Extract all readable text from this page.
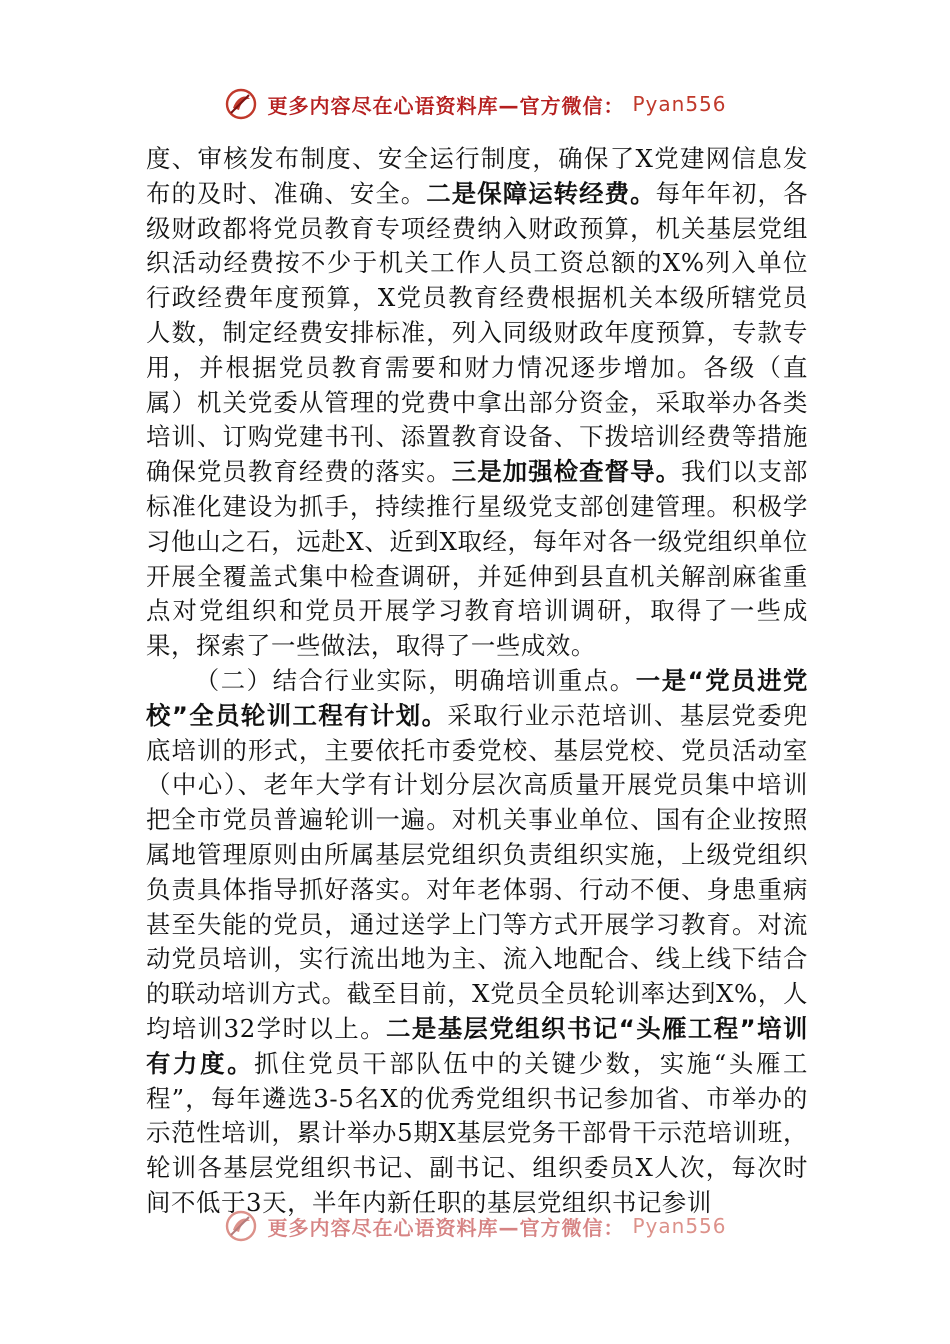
更多内容尽在心语资料库—官方微信： Pyan556

度、审核发布制度、安全运行制度，确保了X党建网信息发布的及时、准确、安全。二是保障运转经费。每年年初，各级财政都将党员教育专项经费纳入财政预算，机关基层党组织活动经费按不少于机关工作人员工资总额的X%列入单位行政经费年度预算，X党员教育经费根据机关本级所辖党员人数，制定经费安排标准，列入同级财政年度预算，专款专用，并根据党员教育需要和财力情况逐步增加。各级（直属）机关党委从管理的党费中拿出部分资金，采取举办各类培训、订购党建书刊、添置教育设备、下拨培训经费等措施确保党员教育经费的落实。三是加强检查督导。我们以支部标准化建设为抓手，持续推行星级党支部创建管理。积极学习他山之石，远赴X、近到X取经，每年对各一级党组织单位开展全覆盖式集中检查调研，并延伸到县直机关解剖麻雀重点对党组织和党员开展学习教育培训调研，取得了一些成果，探索了一些做法，取得了一些成效。

（二）结合行业实际，明确培训重点。一是“党员进党校”全员轮训工程有计划。采取行业示范培训、基层党委兜底培训的形式，主要依托市委党校、基层党校、党员活动室（中心）、老年大学有计划分层次高质量开展党员集中培训把全市党员普遍轮训一遍。对机关事业单位、国有企业按照属地管理原则由所属基层党组织负责组织实施，上级党组织负责具体指导抓好落实。对年老体弱、行动不便、身患重病甚至失能的党员，通过送学上门等方式开展学习教育。对流动党员培训，实行流出地为主、流入地配合、线上线下结合的联动培训方式。截至目前，X党员全员轮训率达到X%，人均培训32学时以上。二是基层党组织书记“头雁工程”培训有力度。抓住党员干部队伍中的关键少数，实施“头雁工程”，每年遴选3-5名X的优秀党组织书记参加省、市举办的示范性培训，累计举办5期X基层党务干部骨干示范培训班，轮训各基层党组织书记、副书记、组织委员X人次，每次时间不低于3天，半年内新任职的基层党组织书记参训

更多内容尽在心语资料库—官方微信： Pyan556
